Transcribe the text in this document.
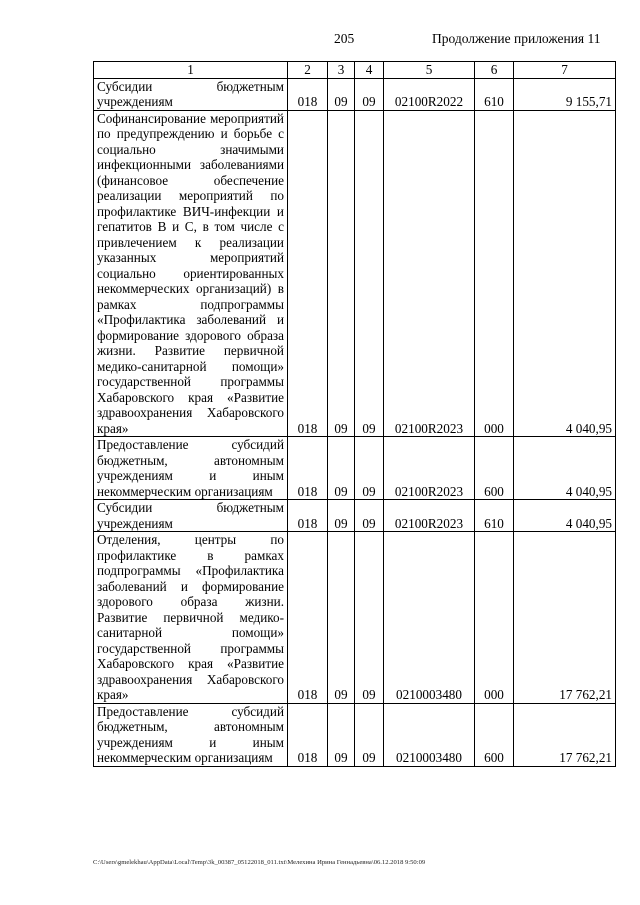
205	Продолжение приложения 11
1	2	3	4	5	6	7
Субсидии бюджетным учреждениям	018	09	09	02100R2022	610	9 155,71
Софинансирование мероприятий по предупреждению и борьбе с социально значимыми инфекционными заболеваниями (финансовое обеспечение реализации мероприятий по профилактике ВИЧ-инфекции и гепатитов В и С, в том числе с привлечением к реализации указанных мероприятий социально ориентированных некоммерческих организаций) в рамках подпрограммы «Профилактика заболеваний и формирование здорового образа жизни. Развитие первичной медико-санитарной помощи» государственной программы Хабаровского края «Развитие здравоохранения Хабаровского края»	018	09	09	02100R2023	000	4 040,95
Предоставление субсидий бюджетным, автономным учреждениям и иным некоммерческим организациям	018	09	09	02100R2023	600	4 040,95
Субсидии бюджетным учреждениям	018	09	09	02100R2023	610	4 040,95
Отделения, центры по профилактике в рамках подпрограммы «Профилактика заболеваний и формирование здорового образа жизни. Развитие первичной медико-санитарной помощи» государственной программы Хабаровского края «Развитие здравоохранения Хабаровского края»	018	09	09	0210003480	000	17 762,21
Предоставление субсидий бюджетным, автономным учреждениям и иным некоммерческим организациям	018	09	09	0210003480	600	17 762,21
C:\Users\gmelekhau\AppData\Local\Temp\3k_00387_05122018_011.txt\Мелехина Ирина Геннадьевна\06.12.2018 9:50:09
